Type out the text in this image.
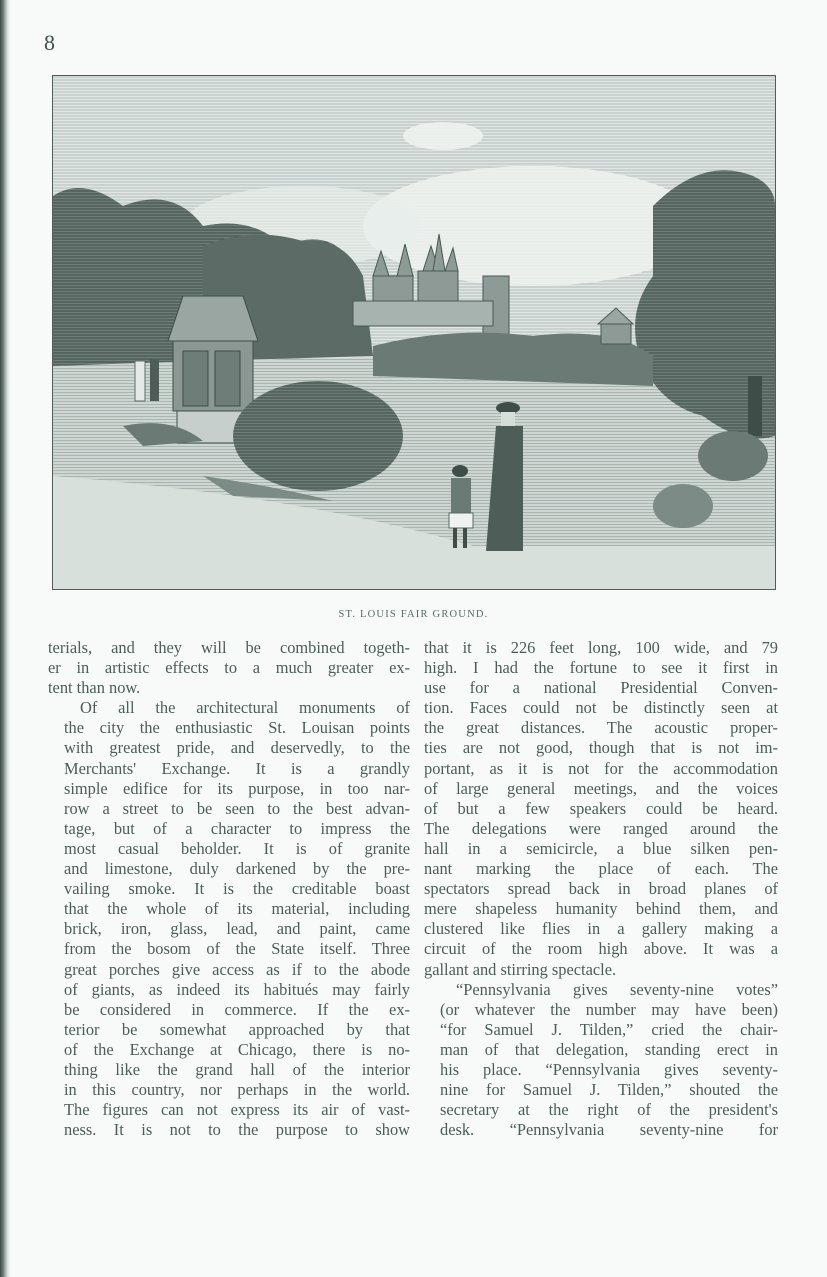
8
ST. LOUIS FAIR GROUND.

terials, and they will be combined togeth-
er in artistic effects to a much greater ex-
tent than now.

Of all the architectural monuments of
the city the enthusiastic St. Louisan points
with greatest pride, and deservedly, to the
Merchants' Exchange. It is a grandly
simple edifice for its purpose, in too nar-
row a street to be seen to the best advan-
tage, but of a character to impress the
most casual beholder. It is of granite
and limestone, duly darkened by the pre-
vailing smoke. It is the creditable boast
that the whole of its material, including
brick, iron, glass, lead, and paint, came
from the bosom of the State itself. Three
great porches give access as if to the abode
of giants, as indeed its habitués may fairly
be considered in commerce. If the ex-
terior be somewhat approached by that
of the Exchange at Chicago, there is no-
thing like the grand hall of the interior
in this country, nor perhaps in the world.
The figures can not express its air of vast-
ness. It is not to the purpose to show

that it is 226 feet long, 100 wide, and 79
high. I had the fortune to see it first in
use for a national Presidential Conven-
tion. Faces could not be distinctly seen at
the great distances. The acoustic proper-
ties are not good, though that is not im-
portant, as it is not for the accommodation
of large general meetings, and the voices
of but a few speakers could be heard.
The delegations were ranged around the
hall in a semicircle, a blue silken pen-
nant marking the place of each. The
spectators spread back in broad planes of
mere shapeless humanity behind them, and
clustered like flies in a gallery making a
circuit of the room high above. It was a
gallant and stirring spectacle.

“Pennsylvania gives seventy-nine votes”
(or whatever the number may have been)
“for Samuel J. Tilden,” cried the chair-
man of that delegation, standing erect in
his place. “Pennsylvania gives seventy-
nine for Samuel J. Tilden,” shouted the
secretary at the right of the president's
desk. “Pennsylvania seventy-nine for
